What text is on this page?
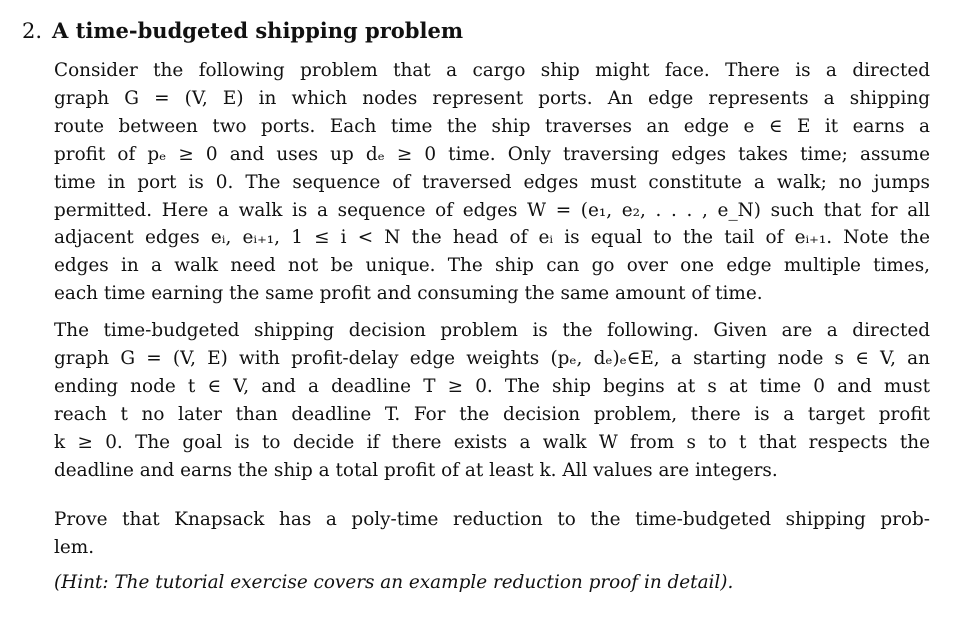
2. A time-budgeted shipping problem
Consider the following problem that a cargo ship might face. There is a directed
graph G = (V, E) in which nodes represent ports. An edge represents a shipping
route between two ports. Each time the ship traverses an edge e ∈ E it earns a
profit of pₑ ≥ 0 and uses up dₑ ≥ 0 time. Only traversing edges takes time; assume
time in port is 0. The sequence of traversed edges must constitute a walk; no jumps
permitted. Here a walk is a sequence of edges W = (e₁, e₂, . . . , e_N) such that for all
adjacent edges eᵢ, eᵢ₊₁, 1 ≤ i < N the head of eᵢ is equal to the tail of eᵢ₊₁. Note the
edges in a walk need not be unique. The ship can go over one edge multiple times,
each time earning the same profit and consuming the same amount of time.
The time-budgeted shipping decision problem is the following. Given are a directed
graph G = (V, E) with profit-delay edge weights (pₑ, dₑ)ₑ∈E, a starting node s ∈ V, an
ending node t ∈ V, and a deadline T ≥ 0. The ship begins at s at time 0 and must
reach t no later than deadline T. For the decision problem, there is a target profit
k ≥ 0. The goal is to decide if there exists a walk W from s to t that respects the
deadline and earns the ship a total profit of at least k. All values are integers.
Prove that Knapsack has a poly-time reduction to the time-budgeted shipping prob-
lem.
(Hint: The tutorial exercise covers an example reduction proof in detail).
